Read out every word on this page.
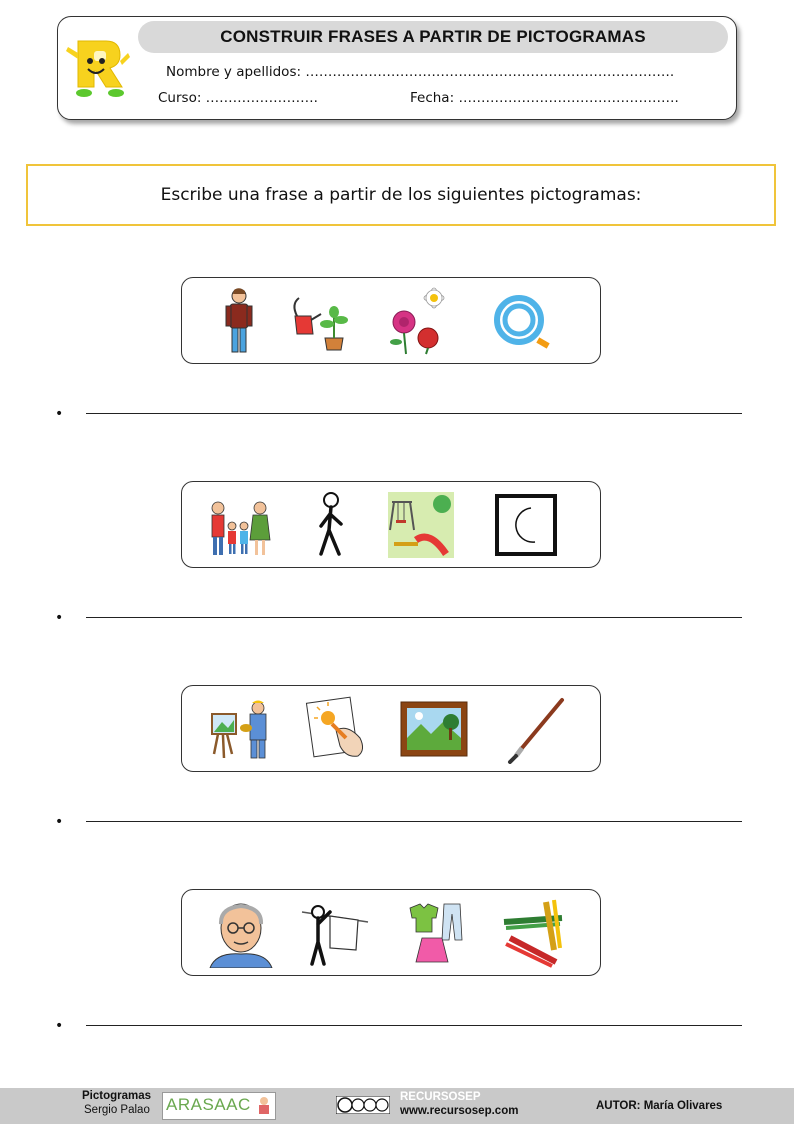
CONSTRUIR FRASES A PARTIR DE PICTOGRAMAS
Nombre y apellidos: ……………………………………………………………………….
Curso: …………………….	Fecha: ………………………………………….
Escribe una frase a partir de los siguientes pictogramas:
•
•
•
•
Pictogramas
Sergio Palao ARASAAC	RECURSOSEP
www.recursosep.com	AUTOR: María Olivares
